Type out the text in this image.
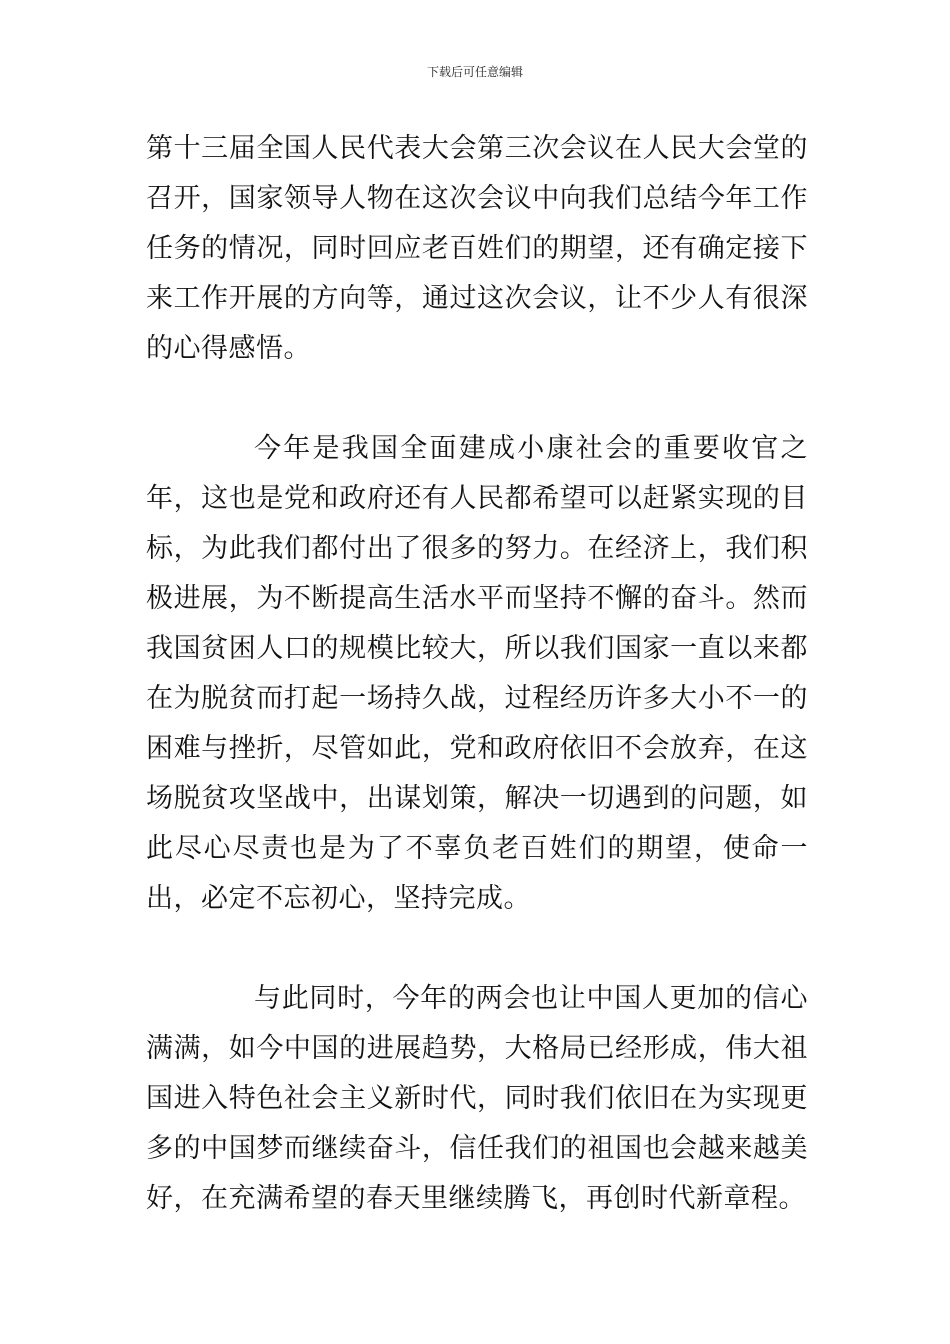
下载后可任意编辑

第十三届全国人民代表大会第三次会议在人民大会堂的召开，国家领导人物在这次会议中向我们总结今年工作任务的情况，同时回应老百姓们的期望，还有确定接下来工作开展的方向等，通过这次会议，让不少人有很深的心得感悟。

今年是我国全面建成小康社会的重要收官之年，这也是党和政府还有人民都希望可以赶紧实现的目标，为此我们都付出了很多的努力。在经济上，我们积极进展，为不断提高生活水平而坚持不懈的奋斗。然而我国贫困人口的规模比较大，所以我们国家一直以来都在为脱贫而打起一场持久战，过程经历许多大小不一的困难与挫折，尽管如此，党和政府依旧不会放弃，在这场脱贫攻坚战中，出谋划策，解决一切遇到的问题，如此尽心尽责也是为了不辜负老百姓们的期望，使命一出，必定不忘初心，坚持完成。

与此同时，今年的两会也让中国人更加的信心满满，如今中国的进展趋势，大格局已经形成，伟大祖国进入特色社会主义新时代，同时我们依旧在为实现更多的中国梦而继续奋斗，信任我们的祖国也会越来越美好，在充满希望的春天里继续腾飞，再创时代新章程。
